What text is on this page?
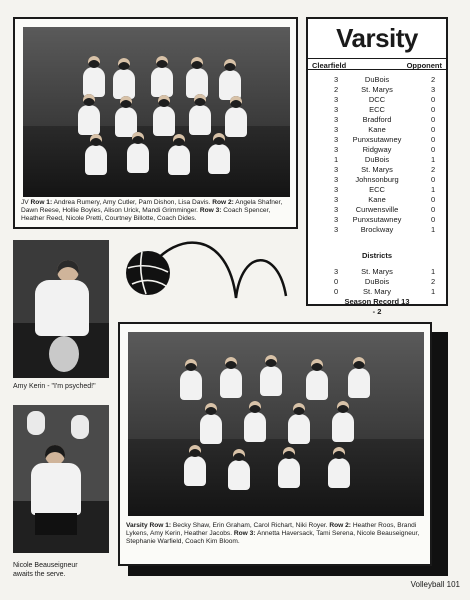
JV Row 1: Andrea Rumery, Amy Cutler, Pam Dishon, Lisa Davis. Row 2: Angela Shafner, Dawn Reese, Hollie Boyles, Alison Urick, Mandi Grimminger. Row 3: Coach Spencer, Heather Reed, Nicole Pretti, Courtney Billotte, Coach Dides.
Varsity
Clearfield	Opponent
3	DuBois	2
2	St. Marys	3
3	DCC	0
3	ECC	0
3	Bradford	0
3	Kane	0
3	Punxsutawney	0
3	Ridgway	0
1	DuBois	1
3	St. Marys	2
3	Johnsonburg	0
3	ECC	1
3	Kane	0
3	Curwensville	0
3	Punxsutawney	0
3	Brockway	1
Districts
3	St. Marys	1
0	DuBois	2
0	St. Mary	1
Season Record 13
- 2
Amy Kerin - "I'm psyched!"
Nicole Beauseigneur
awaits the serve.
Varsity Row 1: Becky Shaw, Erin Graham, Carol Richart, Niki Royer. Row 2: Heather Roos, Brandi Lykens, Amy Kerin, Heather Jacobs. Row 3: Annetta Haversack, Tami Serena, Nicole Beauseigneur, Stephanie Warfield, Coach Kim Bloom.
Volleyball 101
